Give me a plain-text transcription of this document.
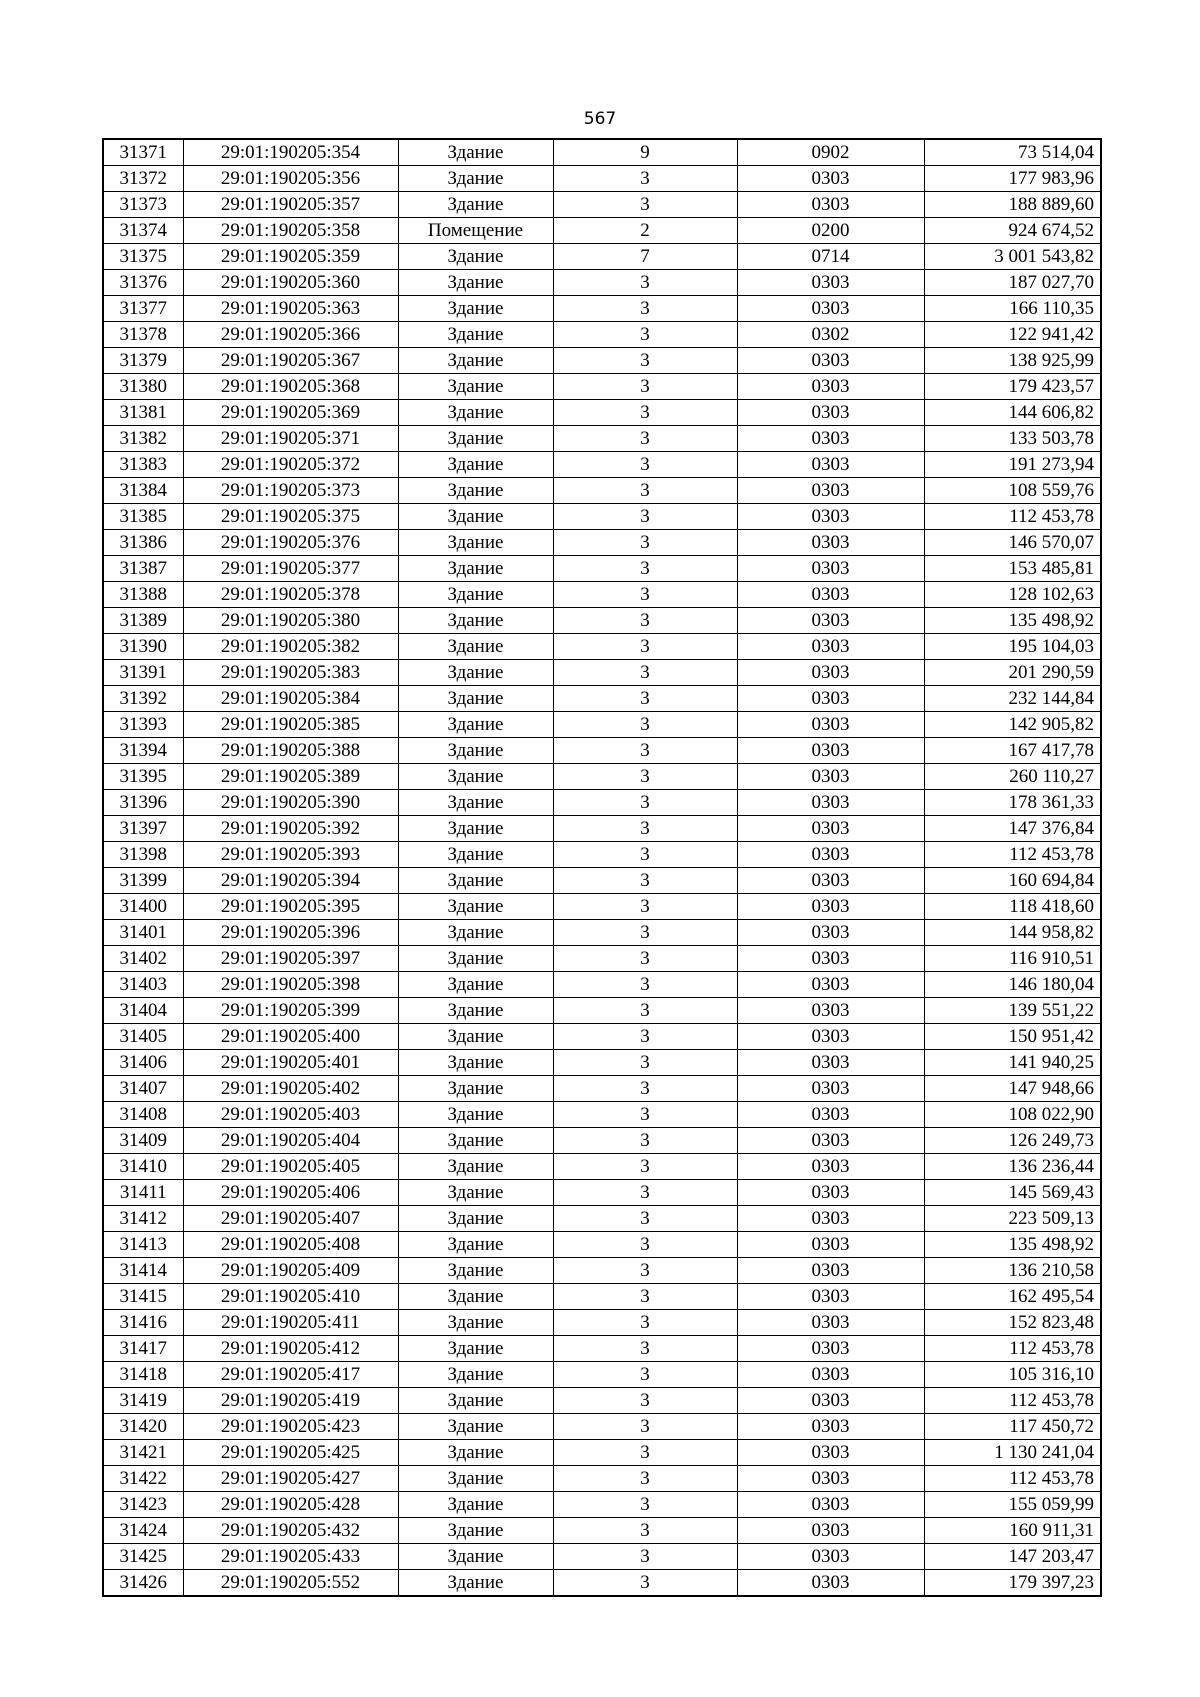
567
31371	29:01:190205:354	Здание	9	0902	73 514,04
31372	29:01:190205:356	Здание	3	0303	177 983,96
31373	29:01:190205:357	Здание	3	0303	188 889,60
31374	29:01:190205:358	Помещение	2	0200	924 674,52
31375	29:01:190205:359	Здание	7	0714	3 001 543,82
31376	29:01:190205:360	Здание	3	0303	187 027,70
31377	29:01:190205:363	Здание	3	0303	166 110,35
31378	29:01:190205:366	Здание	3	0302	122 941,42
31379	29:01:190205:367	Здание	3	0303	138 925,99
31380	29:01:190205:368	Здание	3	0303	179 423,57
31381	29:01:190205:369	Здание	3	0303	144 606,82
31382	29:01:190205:371	Здание	3	0303	133 503,78
31383	29:01:190205:372	Здание	3	0303	191 273,94
31384	29:01:190205:373	Здание	3	0303	108 559,76
31385	29:01:190205:375	Здание	3	0303	112 453,78
31386	29:01:190205:376	Здание	3	0303	146 570,07
31387	29:01:190205:377	Здание	3	0303	153 485,81
31388	29:01:190205:378	Здание	3	0303	128 102,63
31389	29:01:190205:380	Здание	3	0303	135 498,92
31390	29:01:190205:382	Здание	3	0303	195 104,03
31391	29:01:190205:383	Здание	3	0303	201 290,59
31392	29:01:190205:384	Здание	3	0303	232 144,84
31393	29:01:190205:385	Здание	3	0303	142 905,82
31394	29:01:190205:388	Здание	3	0303	167 417,78
31395	29:01:190205:389	Здание	3	0303	260 110,27
31396	29:01:190205:390	Здание	3	0303	178 361,33
31397	29:01:190205:392	Здание	3	0303	147 376,84
31398	29:01:190205:393	Здание	3	0303	112 453,78
31399	29:01:190205:394	Здание	3	0303	160 694,84
31400	29:01:190205:395	Здание	3	0303	118 418,60
31401	29:01:190205:396	Здание	3	0303	144 958,82
31402	29:01:190205:397	Здание	3	0303	116 910,51
31403	29:01:190205:398	Здание	3	0303	146 180,04
31404	29:01:190205:399	Здание	3	0303	139 551,22
31405	29:01:190205:400	Здание	3	0303	150 951,42
31406	29:01:190205:401	Здание	3	0303	141 940,25
31407	29:01:190205:402	Здание	3	0303	147 948,66
31408	29:01:190205:403	Здание	3	0303	108 022,90
31409	29:01:190205:404	Здание	3	0303	126 249,73
31410	29:01:190205:405	Здание	3	0303	136 236,44
31411	29:01:190205:406	Здание	3	0303	145 569,43
31412	29:01:190205:407	Здание	3	0303	223 509,13
31413	29:01:190205:408	Здание	3	0303	135 498,92
31414	29:01:190205:409	Здание	3	0303	136 210,58
31415	29:01:190205:410	Здание	3	0303	162 495,54
31416	29:01:190205:411	Здание	3	0303	152 823,48
31417	29:01:190205:412	Здание	3	0303	112 453,78
31418	29:01:190205:417	Здание	3	0303	105 316,10
31419	29:01:190205:419	Здание	3	0303	112 453,78
31420	29:01:190205:423	Здание	3	0303	117 450,72
31421	29:01:190205:425	Здание	3	0303	1 130 241,04
31422	29:01:190205:427	Здание	3	0303	112 453,78
31423	29:01:190205:428	Здание	3	0303	155 059,99
31424	29:01:190205:432	Здание	3	0303	160 911,31
31425	29:01:190205:433	Здание	3	0303	147 203,47
31426	29:01:190205:552	Здание	3	0303	179 397,23
